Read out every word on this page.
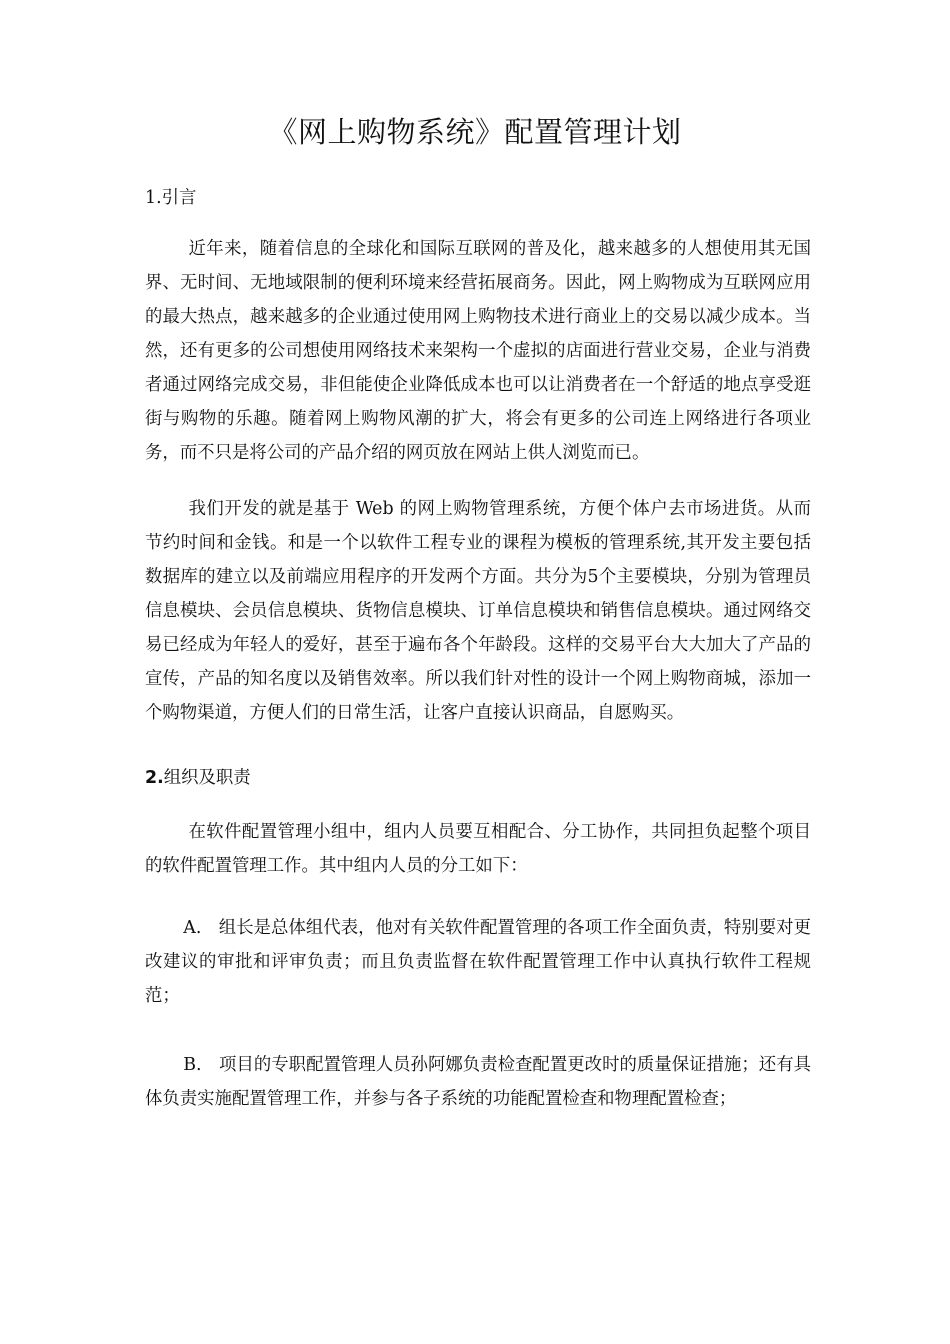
《网上购物系统》配置管理计划
1.引言
近年来，随着信息的全球化和国际互联网的普及化，越来越多的人想使用其无国界、无时间、无地域限制的便利环境来经营拓展商务。因此，网上购物成为互联网应用的最大热点，越来越多的企业通过使用网上购物技术进行商业上的交易以减少成本。当然，还有更多的公司想使用网络技术来架构一个虚拟的店面进行营业交易，企业与消费者通过网络完成交易，非但能使企业降低成本也可以让消费者在一个舒适的地点享受逛街与购物的乐趣。随着网上购物风潮的扩大，将会有更多的公司连上网络进行各项业务，而不只是将公司的产品介绍的网页放在网站上供人浏览而已。
我们开发的就是基于 Web 的网上购物管理系统，方便个体户去市场进货。从而节约时间和金钱。和是一个以软件工程专业的课程为模板的管理系统,其开发主要包括数据库的建立以及前端应用程序的开发两个方面。共分为5个主要模块，分别为管理员信息模块、会员信息模块、货物信息模块、订单信息模块和销售信息模块。通过网络交易已经成为年轻人的爱好，甚至于遍布各个年龄段。这样的交易平台大大加大了产品的宣传，产品的知名度以及销售效率。所以我们针对性的设计一个网上购物商城，添加一个购物渠道，方便人们的日常生活，让客户直接认识商品，自愿购买。
2.组织及职责
在软件配置管理小组中，组内人员要互相配合、分工协作，共同担负起整个项目的软件配置管理工作。其中组内人员的分工如下：
A.　组长是总体组代表，他对有关软件配置管理的各项工作全面负责，特别要对更改建议的审批和评审负责；而且负责监督在软件配置管理工作中认真执行软件工程规范；
B.　项目的专职配置管理人员孙阿娜负责检查配置更改时的质量保证措施；还有具体负责实施配置管理工作，并参与各子系统的功能配置检查和物理配置检查；
